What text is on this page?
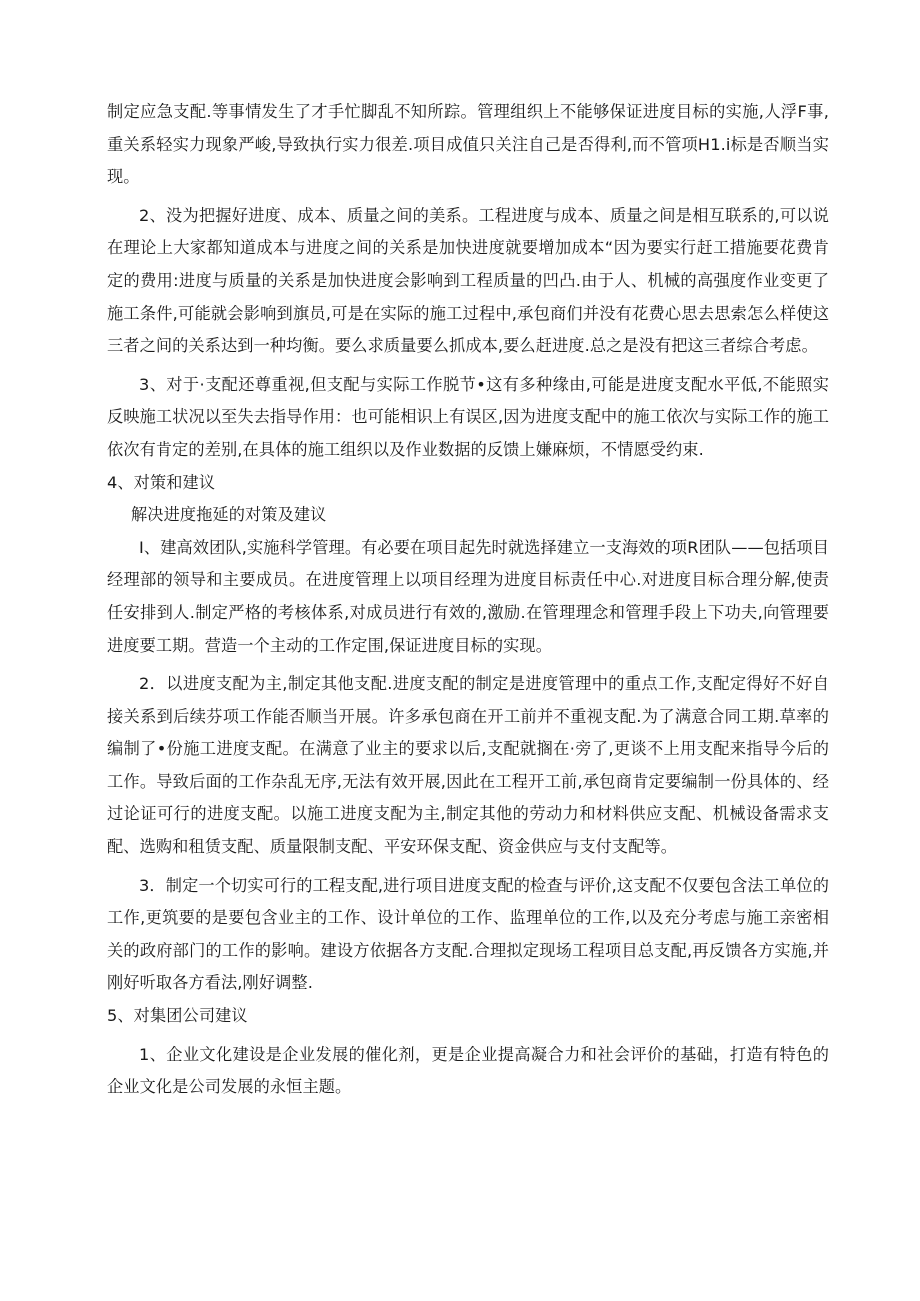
制定应急支配.等事情发生了才手忙脚乱不知所踪。管理组织上不能够保证进度目标的实施,人浮F事,重关系轻实力现象严峻,导致执行实力很差.项目成值只关注自己是否得利,而不管项H1.i标是否顺当实现。

2、没为把握好进度、成本、质量之间的美系。工程进度与成本、质量之间是相互联系的,可以说在理论上大家都知道成本与进度之间的关系是加快进度就要增加成本“因为要实行赶工措施要花费肯定的费用:进度与质量的关系是加快进度会影响到工程质量的凹凸.由于人、机械的高强度作业变更了施工条件,可能就会影响到旗员,可是在实际的施工过程中,承包商们并没有花费心思去思索怎么样使这三者之间的关系达到一种均衡。要么求质量要么抓成本,要么赶进度.总之是没有把这三者综合考虑。

3、对于·支配还尊重视,但支配与实际工作脱节•这有多种缘由,可能是进度支配水平低,不能照实反映施工状况以至失去指导作用：也可能相识上有误区,因为进度支配中的施工依次与实际工作的施工依次有肯定的差别,在具体的施工组织以及作业数据的反馈上嫌麻烦，不情愿受约束.

4、对策和建议

解决进度拖延的对策及建议

I、建高效团队,实施科学管理。有必要在项目起先时就选择建立一支海效的项R团队——包括项目经理部的领导和主要成员。在进度管理上以项目经理为进度目标责任中心.对进度目标合理分解,使责任安排到人.制定严格的考核体系,对成员进行有效的,激励.在管理理念和管理手段上下功夫,向管理要进度要工期。营造一个主动的工作定围,保证进度目标的实现。

2．以进度支配为主,制定其他支配.进度支配的制定是进度管理中的重点工作,支配定得好不好自接关系到后续芬项工作能否顺当开展。许多承包商在开工前并不重视支配.为了满意合同工期.草率的编制了•份施工进度支配。在满意了业主的要求以后,支配就搁在·旁了,更谈不上用支配来指导今后的工作。导致后面的工作杂乱无序,无法有效开展,因此在工程开工前,承包商肯定要编制一份具体的、经过论证可行的进度支配。以施工进度支配为主,制定其他的劳动力和材料供应支配、机械设备需求支配、选购和租赁支配、质量限制支配、平安环保支配、资金供应与支付支配等。

3．制定一个切实可行的工程支配,进行项目进度支配的检查与评价,这支配不仅要包含法工单位的工作,更筑要的是要包含业主的工作、设计单位的工作、监理单位的工作,以及充分考虑与施工亲密相关的政府部门的工作的影响。建设方依据各方支配.合理拟定现场工程项目总支配,再反馈各方实施,并刚好听取各方看法,刚好调整.

5、对集团公司建议

1、企业文化建设是企业发展的催化剂，更是企业提高凝合力和社会评价的基础，打造有特色的企业文化是公司发展的永恒主题。
